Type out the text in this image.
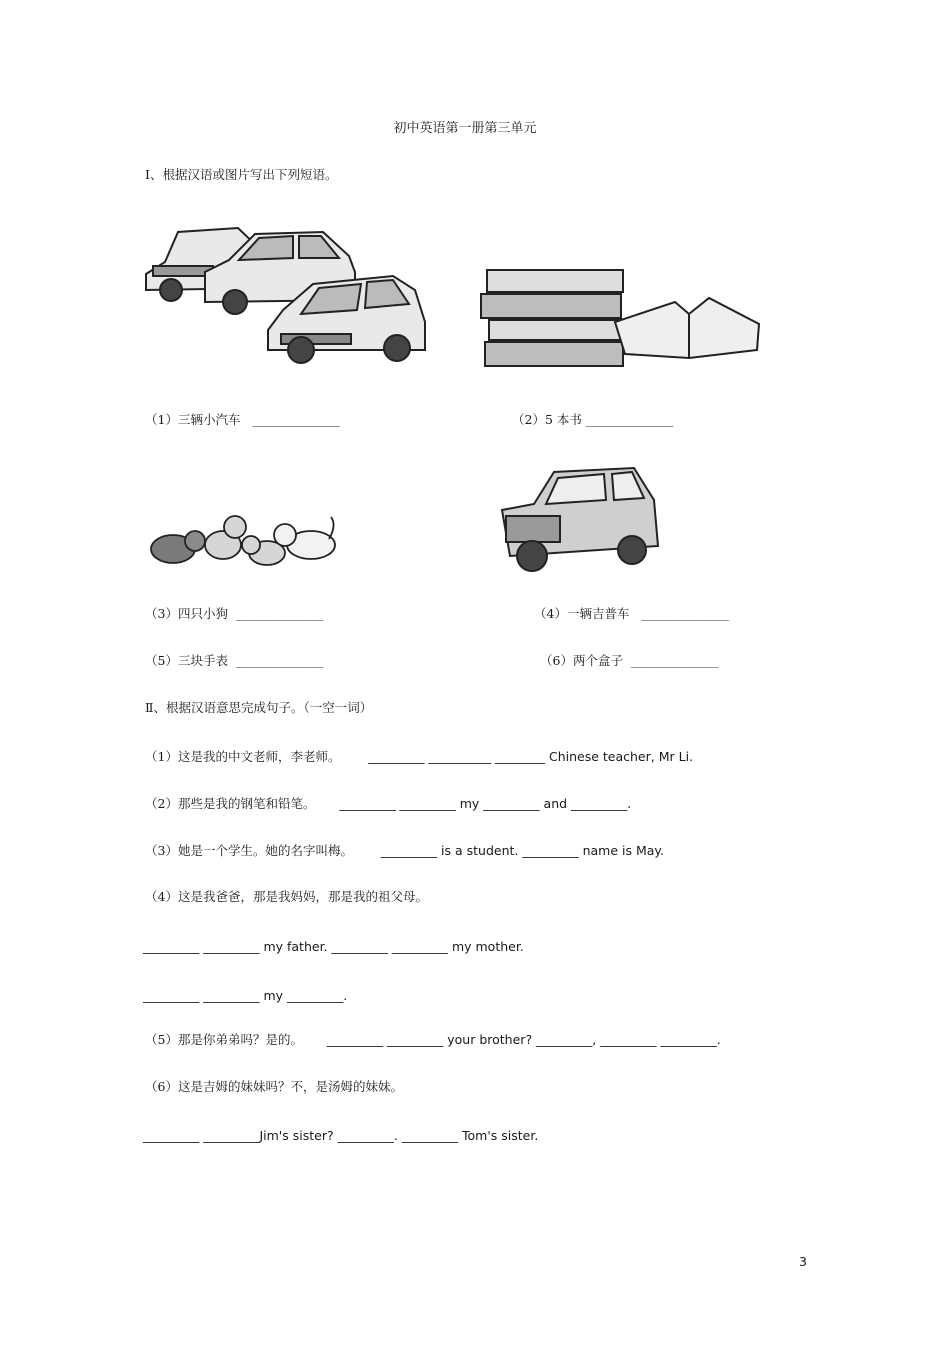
初中英语第一册第三单元
Ⅰ、根据汉语或图片写出下列短语。
（1）三辆小汽车 ______________	（2）5 本书 ______________
（3）四只小狗 ______________	（4）一辆吉普车 ______________
（5）三块手表 ______________	（6）两个盒子 ______________
Ⅱ、根据汉语意思完成句子。（一空一词）
（1）这是我的中文老师，李老师。 _________ __________ ________ Chinese teacher, Mr Li.
（2）那些是我的钢笔和铅笔。 _________ _________ my _________ and _________.
（3）她是一个学生。她的名字叫梅。 _________ is a student. _________ name is May.
（4）这是我爸爸，那是我妈妈，那是我的祖父母。
_________ _________ my father. _________ _________ my mother.
_________ _________ my _________.
（5）那是你弟弟吗？是的。 _________ _________ your brother? _________, _________ _________.
（6）这是吉姆的妹妹吗？不，是汤姆的妹妹。
_________ _________Jim's sister? _________. _________ Tom's sister.
3
